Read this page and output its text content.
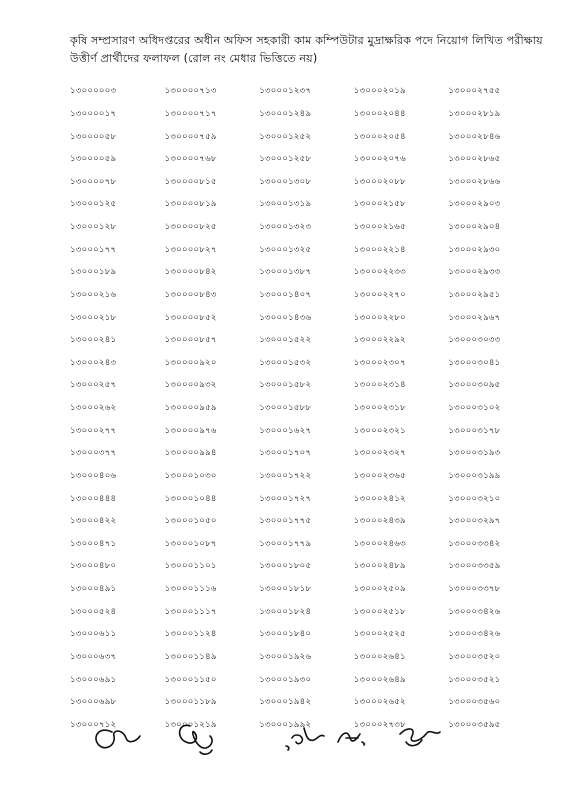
কৃষি সম্প্রসারণ অধিদপ্তরের অধীন অফিস সহকারী কাম কম্পিউটার মুদ্রাক্ষরিক পদে নিয়োগ লিখিত পরীক্ষায়
উত্তীর্ণ প্রার্থীদের ফলাফল (রোল নং মেধার ভিত্তিতে নয়)
১৩০০০০০৩	১৩০০০০৭১৩	১৩০০০১২৩৭	১৩০০০২০১৯	১৩০০০২৭৫৫
১৩০০০০১৭	১৩০০০০৭১৭	১৩০০০১২৪৯	১৩০০০২০৪৪	১৩০০০২৮১৯
১৩০০০০৫৮	১৩০০০০৭৫৯	১৩০০০১২৫২	১৩০০০২০৫৪	১৩০০০২৮৪৬
১৩০০০০৫৯	১৩০০০০৭৬৮	১৩০০০১২৫৮	১৩০০০২০৭৬	১৩০০০২৮৬৫
১৩০০০০৭৮	১৩০০০০৮১৫	১৩০০০১৩০৮	১৩০০০২০৮৮	১৩০০০২৮৬৬
১৩০০০১২৫	১৩০০০০৮১৯	১৩০০০১৩১৯	১৩০০০২১৫৮	১৩০০০২৯০৩
১৩০০০১২৮	১৩০০০০৮২৫	১৩০০০১৩২৩	১৩০০০২১৬৫	১৩০০০২৯০৪
১৩০০০১৭৭	১৩০০০০৮২৭	১৩০০০১৩২৫	১৩০০০২২১৪	১৩০০০২৯৩০
১৩০০০১৮৯	১৩০০০০৮৪২	১৩০০০১৩৮৭	১৩০০০২২৩৩	১৩০০০২৯৩৩
১৩০০০২১৬	১৩০০০০৮৪৩	১৩০০০১৪০৭	১৩০০০২২৭০	১৩০০০২৯৫১
১৩০০০২১৮	১৩০০০০৮৫২	১৩০০০১৪৩৬	১৩০০০২২৮০	১৩০০০২৯৬৭
১৩০০০২৪১	১৩০০০০৮৫৭	১৩০০০১৫২২	১৩০০০২২৯২	১৩০০০৩০৩৩
১৩০০০২৪৩	১৩০০০০৯২০	১৩০০০১৫৩২	১৩০০০২৩০৭	১৩০০০৩০৪১
১৩০০০২৫৭	১৩০০০০৯৩২	১৩০০০১৫৮২	১৩০০০২৩১৪	১৩০০০৩০৯৫
১৩০০০২৬২	১৩০০০০৯৫৯	১৩০০০১৫৮৮	১৩০০০২৩১৮	১৩০০০৩১০২
১৩০০০২৭৭	১৩০০০০৯৭৬	১৩০০০১৬২৭	১৩০০০২৩২১	১৩০০০৩১৭৮
১৩০০০৩৭৭	১৩০০০০৯৯৪	১৩০০০১৭০৭	১৩০০০২৩২৭	১৩০০০৩১৯৩
১৩০০০৪০৬	১৩০০০১০৩০	১৩০০০১৭২২	১৩০০০২৩৬৫	১৩০০০৩১৯৯
১৩০০০৪৪৪	১৩০০০১০৪৪	১৩০০০১৭২৭	১৩০০০২৪১২	১৩০০০৩২১০
১৩০০০৪২২	১৩০০০১০৫০	১৩০০০১৭৭৫	১৩০০০২৪৩৯	১৩০০০৩২৯৭
১৩০০০৪৭১	১৩০০০১০৮৭	১৩০০০১৭৭৯	১৩০০০২৪৬৩	১৩০০০৩৩৪২
১৩০০০৪৮০	১৩০০০১১০১	১৩০০০১৮০৫	১৩০০০২৪৮৯	১৩০০০৩৩৫৯
১৩০০০৪৯১	১৩০০০১১১৬	১৩০০০১৮১৮	১৩০০০২৫০৯	১৩০০০৩৩৭৮
১৩০০০৫২৪	১৩০০০১১১৭	১৩০০০১৮২৪	১৩০০০২৫১৮	১৩০০০৩৪২৬
১৩০০০৬১১	১৩০০০১১২৪	১৩০০০১৮৪০	১৩০০০২৫২৫	১৩০০০৩৪২৬
১৩০০০৬৩৭	১৩০০০১১৪৯	১৩০০০১৯২৬	১৩০০০২৬৪১	১৩০০০৩৫২০
১৩০০০৬৯১	১৩০০০১১৫০	১৩০০০১৯৩০	১৩০০০২৬৪৯	১৩০০০৩৫২১
১৩০০০৬৯৮	১৩০০০১১৮৯	১৩০০০১৯৪২	১৩০০০২৬৫২	১৩০০০৩৫৬০
১৩০০০৭১২	১৩০০০১২১৯	১৩০০০১৯৯২	১৩০০০২৭৩৮	১৩০০০৩৫৯৫
